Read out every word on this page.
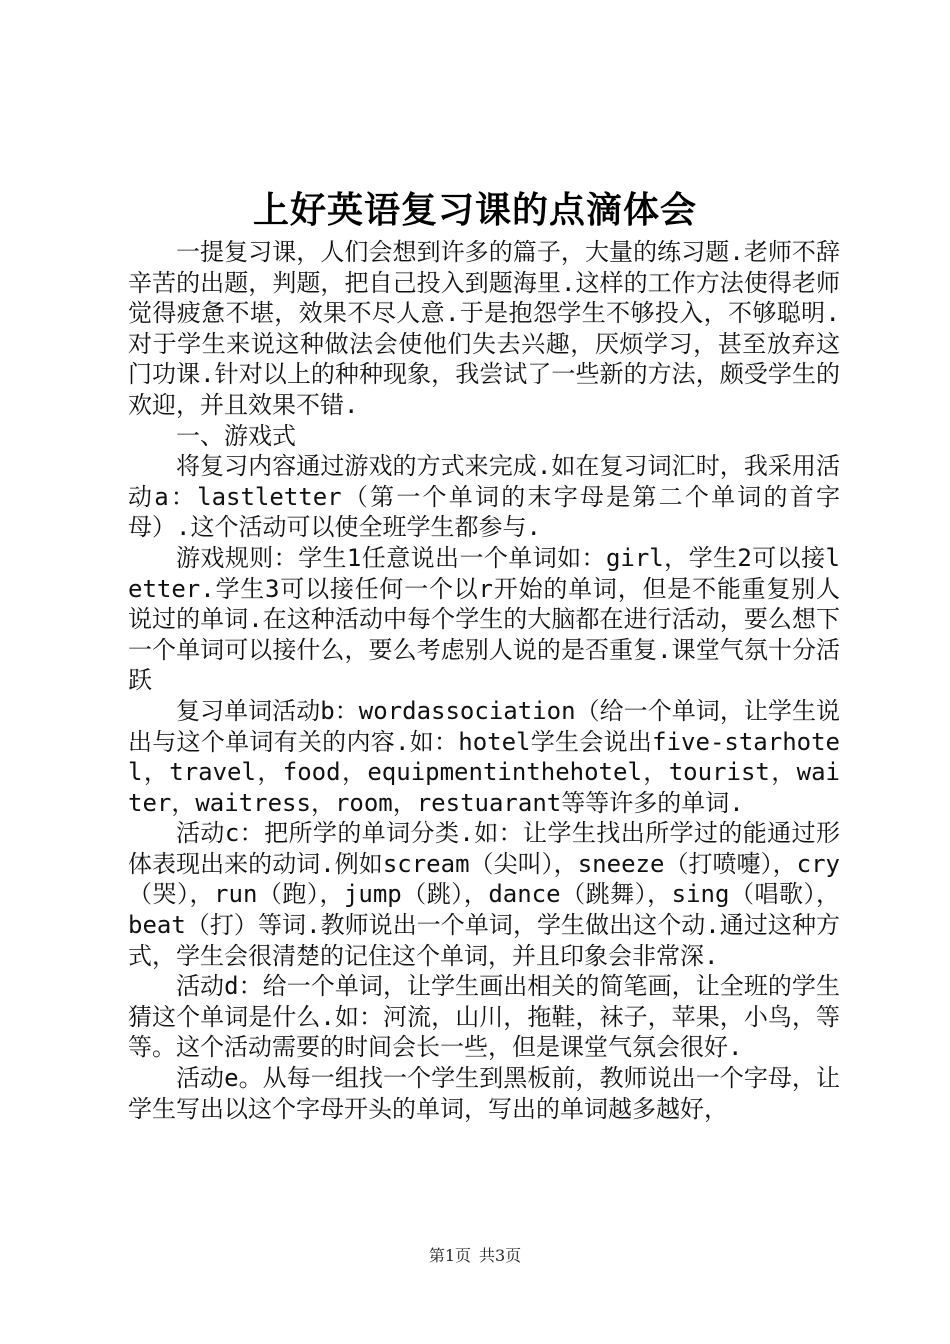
上好英语复习课的点滴体会

一提复习课，人们会想到许多的篇子，大量的练习题.老师不辞辛苦的出题，判题，把自己投入到题海里.这样的工作方法使得老师觉得疲惫不堪，效果不尽人意.于是抱怨学生不够投入，不够聪明.对于学生来说这种做法会使他们失去兴趣，厌烦学习，甚至放弃这门功课.针对以上的种种现象，我尝试了一些新的方法，颇受学生的欢迎，并且效果不错.

一、游戏式

将复习内容通过游戏的方式来完成.如在复习词汇时，我采用活动a：lastletter（第一个单词的末字母是第二个单词的首字母）.这个活动可以使全班学生都参与.

游戏规则：学生1任意说出一个单词如：girl，学生2可以接letter.学生3可以接任何一个以r开始的单词，但是不能重复别人说过的单词.在这种活动中每个学生的大脑都在进行活动，要么想下一个单词可以接什么，要么考虑别人说的是否重复.课堂气氛十分活跃

复习单词活动b：wordassociation（给一个单词，让学生说出与这个单词有关的内容.如：hotel学生会说出five-starhotel，travel，food，equipmentinthehotel，tourist，waiter，waitress，room，restuarant等等许多的单词.

活动c：把所学的单词分类.如：让学生找出所学过的能通过形体表现出来的动词.例如scream（尖叫），sneeze（打喷嚏），cry（哭），run（跑），jump（跳），dance（跳舞），sing（唱歌），beat（打）等词.教师说出一个单词，学生做出这个动.通过这种方式，学生会很清楚的记住这个单词，并且印象会非常深.

活动d：给一个单词，让学生画出相关的简笔画，让全班的学生猜这个单词是什么.如：河流，山川，拖鞋，袜子，苹果，小鸟，等等。这个活动需要的时间会长一些，但是课堂气氛会很好.

活动e。从每一组找一个学生到黑板前，教师说出一个字母，让学生写出以这个字母开头的单词，写出的单词越多越好，

第1页 共3页
